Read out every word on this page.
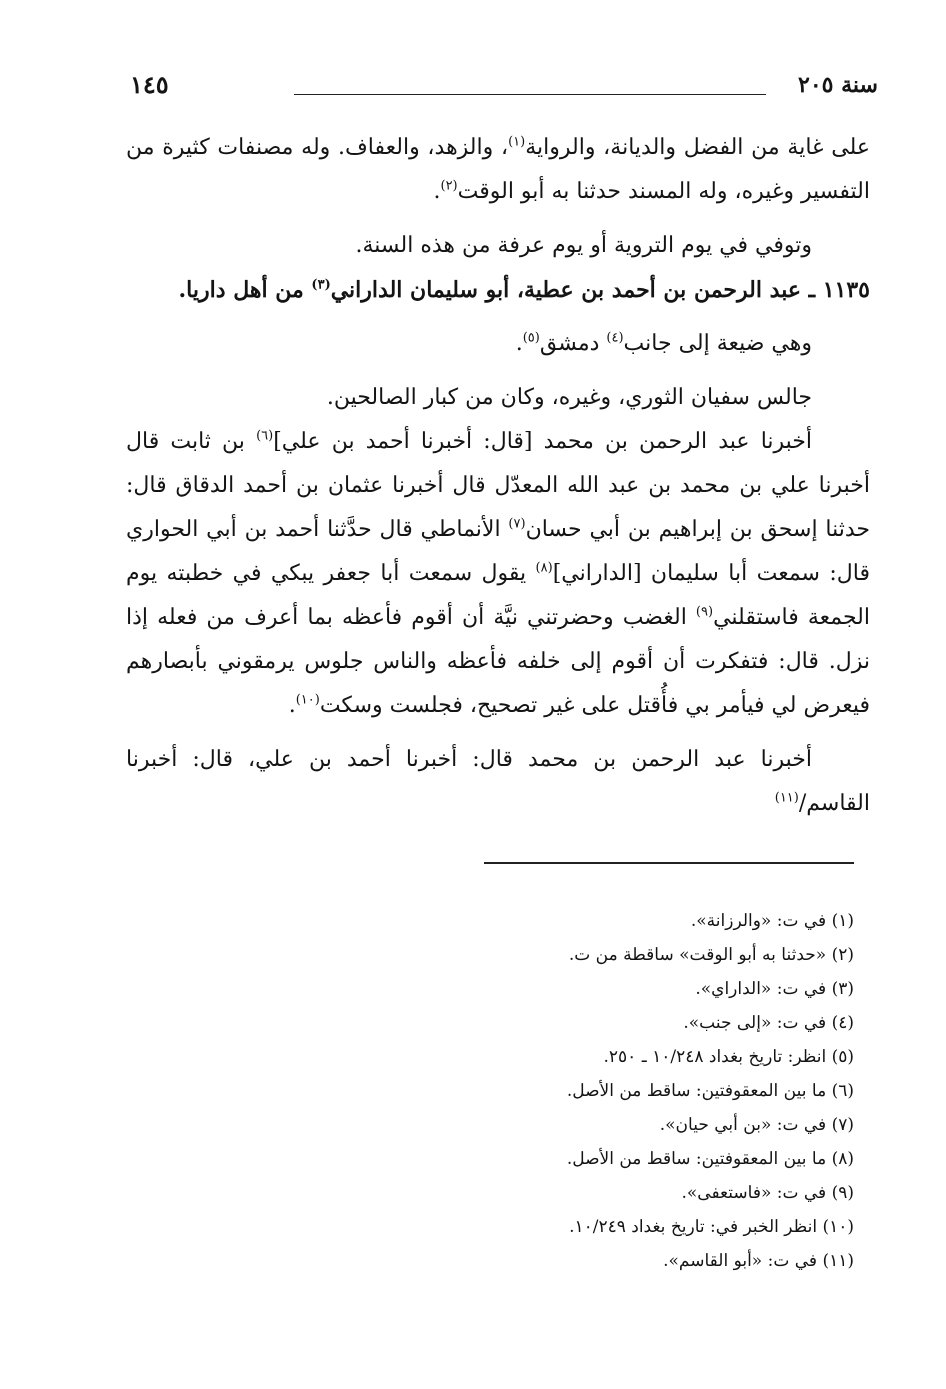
١٤٥	سنة ٢٠٥

على غاية من الفضل والديانة، والرواية$^{(١)}$، والزهد، والعفاف. وله مصنفات كثيرة من التفسير وغيره، وله المسند حدثنا به أبو الوقت$^{(٢)}$.

وتوفي في يوم التروية أو يوم عرفة من هذه السنة.

١١٣٥ ـ عبد الرحمن بن أحمد بن عطية، أبو سليمان الداراني$^{(٣)}$ من أهل داريا.

وهي ضيعة إلى جانب$^{(٤)}$ دمشق$^{(٥)}$.

جالس سفيان الثوري، وغيره، وكان من كبار الصالحين.

أخبرنا عبد الرحمن بن محمد [قال: أخبرنا أحمد بن علي]$^{(٦)}$ بن ثابت قال أخبرنا علي بن محمد بن عبد الله المعدّل قال أخبرنا عثمان بن أحمد الدقاق قال: حدثنا إسحق بن إبراهيم بن أبي حسان$^{(٧)}$ الأنماطي قال حدَّثنا أحمد بن أبي الحواري قال: سمعت أبا سليمان [الداراني]$^{(٨)}$ يقول سمعت أبا جعفر يبكي في خطبته يوم الجمعة فاستقلني$^{(٩)}$ الغضب وحضرتني نيَّة أن أقوم فأعظه بما أعرف من فعله إذا نزل. قال: فتفكرت أن أقوم إلى خلفه فأعظه والناس جلوس يرمقوني بأبصارهم فيعرض لي فيأمر بي فأُقتل على غير تصحيح، فجلست وسكت$^{(١٠)}$.

أخبرنا عبد الرحمن بن محمد قال: أخبرنا أحمد بن علي، قال: أخبرنا القاسم/$^{(١١)}$

(١) في ت: «والرزانة».
(٢) «حدثنا به أبو الوقت» ساقطة من ت.
(٣) في ت: «الداراي».
(٤) في ت: «إلى جنب».
(٥) انظر: تاريخ بغداد ١٠/٢٤٨ ـ ٢٥٠.
(٦) ما بين المعقوفتين: ساقط من الأصل.
(٧) في ت: «بن أبي حيان».
(٨) ما بين المعقوفتين: ساقط من الأصل.
(٩) في ت: «فاستعفى».
(١٠) انظر الخبر في: تاريخ بغداد ١٠/٢٤٩.
(١١) في ت: «أبو القاسم».
